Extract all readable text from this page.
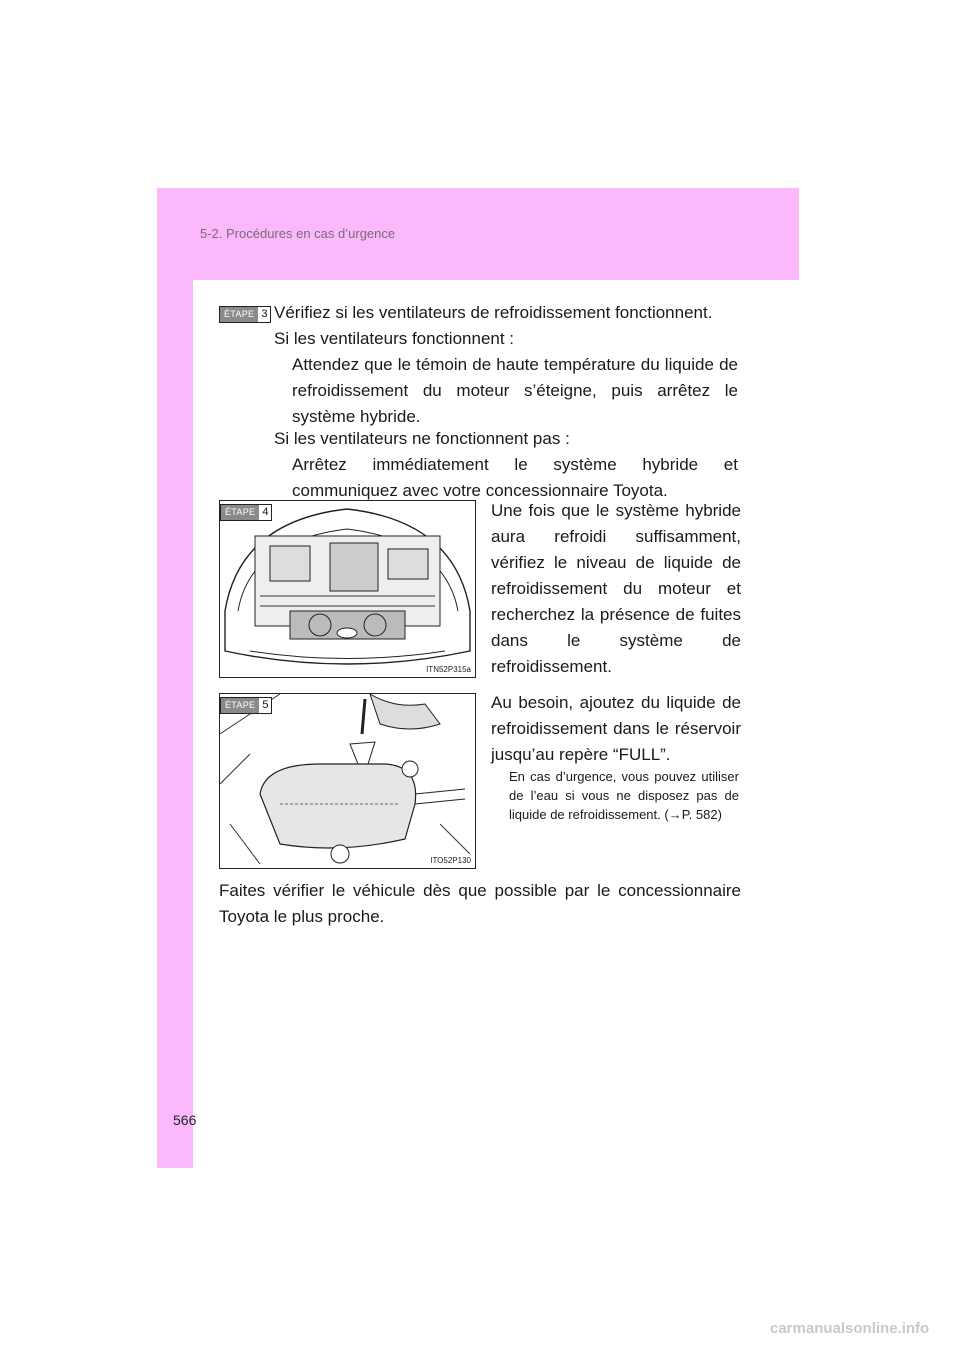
5-2. Procédures en cas d’urgence
ÉTAPE 3 Vérifiez si les ventilateurs de refroidissement fonctionnent.
Si les ventilateurs fonctionnent :
Attendez que le témoin de haute température du liquide de refroidissement du moteur s’éteigne, puis arrêtez le système hybride.
Si les ventilateurs ne fonctionnent pas :
Arrêtez immédiatement le système hybride et communiquez avec votre concessionnaire Toyota.
ÉTAPE 4
ITN52P315a
Une fois que le système hybride aura refroidi suffisamment, vérifiez le niveau de liquide de refroidissement du moteur et recherchez la présence de fuites dans le système de refroidissement.
ÉTAPE 5
ITO52P130
Au besoin, ajoutez du liquide de refroidissement dans le réservoir jusqu’au repère “FULL”.
En cas d’urgence, vous pouvez utiliser de l’eau si vous ne disposez pas de liquide de refroidissement. (→P. 582)
Faites vérifier le véhicule dès que possible par le concessionnaire Toyota le plus proche.
566
carmanualsonline.info
